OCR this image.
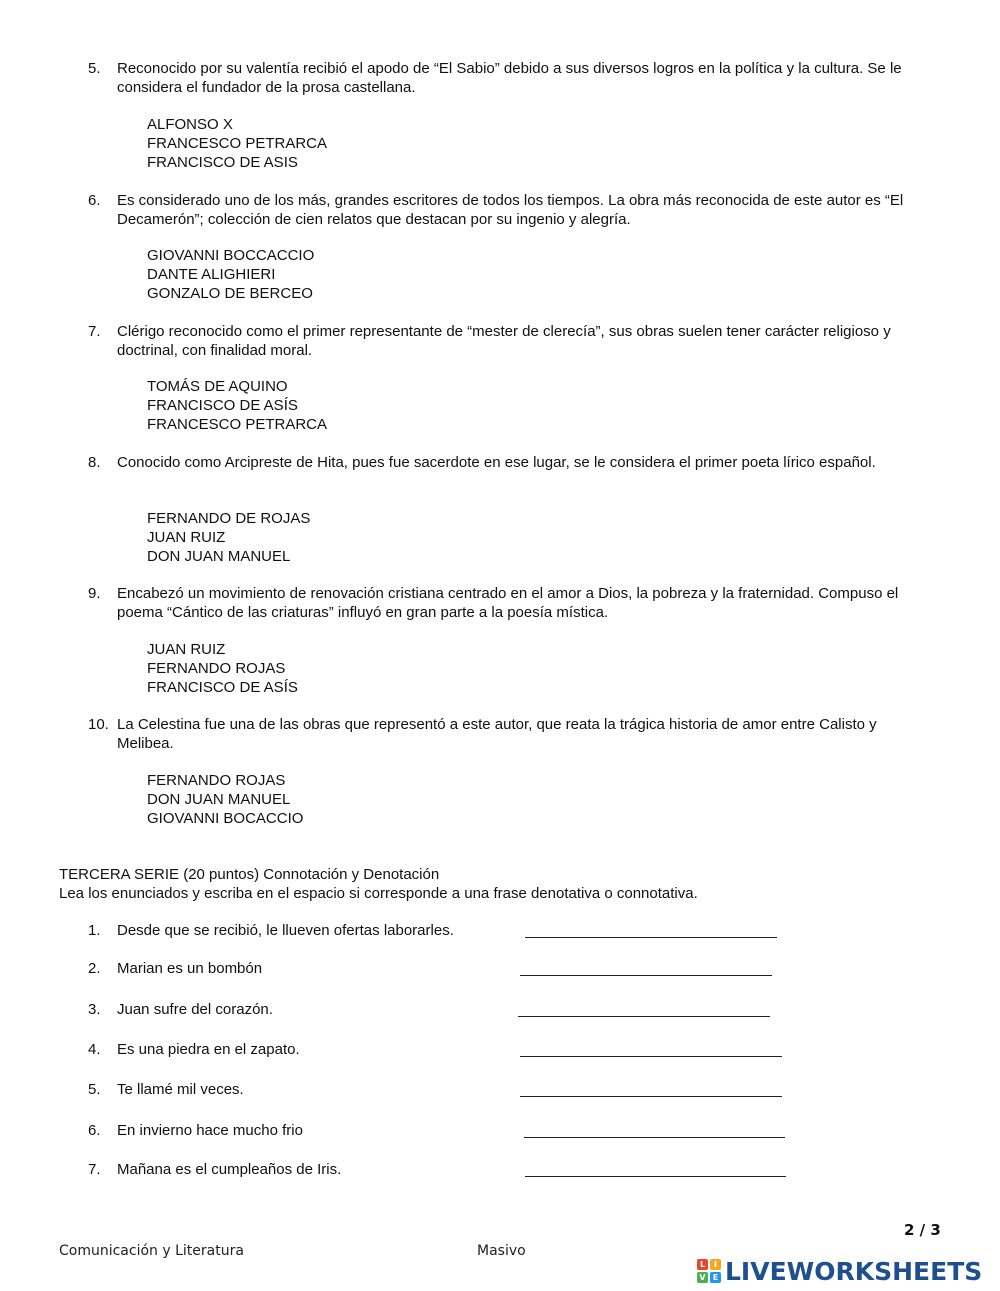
5. Reconocido por su valentía recibió el apodo de “El Sabio” debido a sus diversos logros en la política y la cultura. Se le considera el fundador de la prosa castellana.
ALFONSO X
FRANCESCO PETRARCA
FRANCISCO DE ASIS
6. Es considerado uno de los más, grandes escritores de todos los tiempos. La obra más reconocida de este autor es “El Decamerón”; colección de cien relatos que destacan por su ingenio y alegría.
GIOVANNI BOCCACCIO
DANTE ALIGHIERI
GONZALO DE BERCEO
7. Clérigo reconocido como el primer representante de “mester de clerecía”, sus obras suelen tener carácter religioso y doctrinal, con finalidad moral.
TOMÁS DE AQUINO
FRANCISCO DE ASÍS
FRANCESCO PETRARCA
8. Conocido como Arcipreste de Hita, pues fue sacerdote en ese lugar, se le considera el primer poeta lírico español.
FERNANDO DE ROJAS
JUAN RUIZ
DON JUAN MANUEL
9. Encabezó un movimiento de renovación cristiana centrado en el amor a Dios, la pobreza y la fraternidad. Compuso el poema “Cántico de las criaturas” influyó en gran parte a la poesía mística.
JUAN RUIZ
FERNANDO ROJAS
FRANCISCO DE ASÍS
10. La Celestina fue una de las obras que representó a este autor, que reata la trágica historia de amor entre Calisto y Melibea.
FERNANDO ROJAS
DON JUAN MANUEL
GIOVANNI BOCACCIO
TERCERA SERIE (20 puntos) Connotación y Denotación
Lea los enunciados y escriba en el espacio si corresponde a una frase denotativa o connotativa.
1. Desde que se recibió, le llueven ofertas laborarles.
2. Marian es un bombón
3. Juan sufre del corazón.
4. Es una piedra en el zapato.
5. Te llamé mil veces.
6. En invierno hace mucho frio
7. Mañana es el cumpleaños de Iris.
2 / 3
Comunicación y Literatura	Masivo
L	I
V E LIVEWORKSHEETS
